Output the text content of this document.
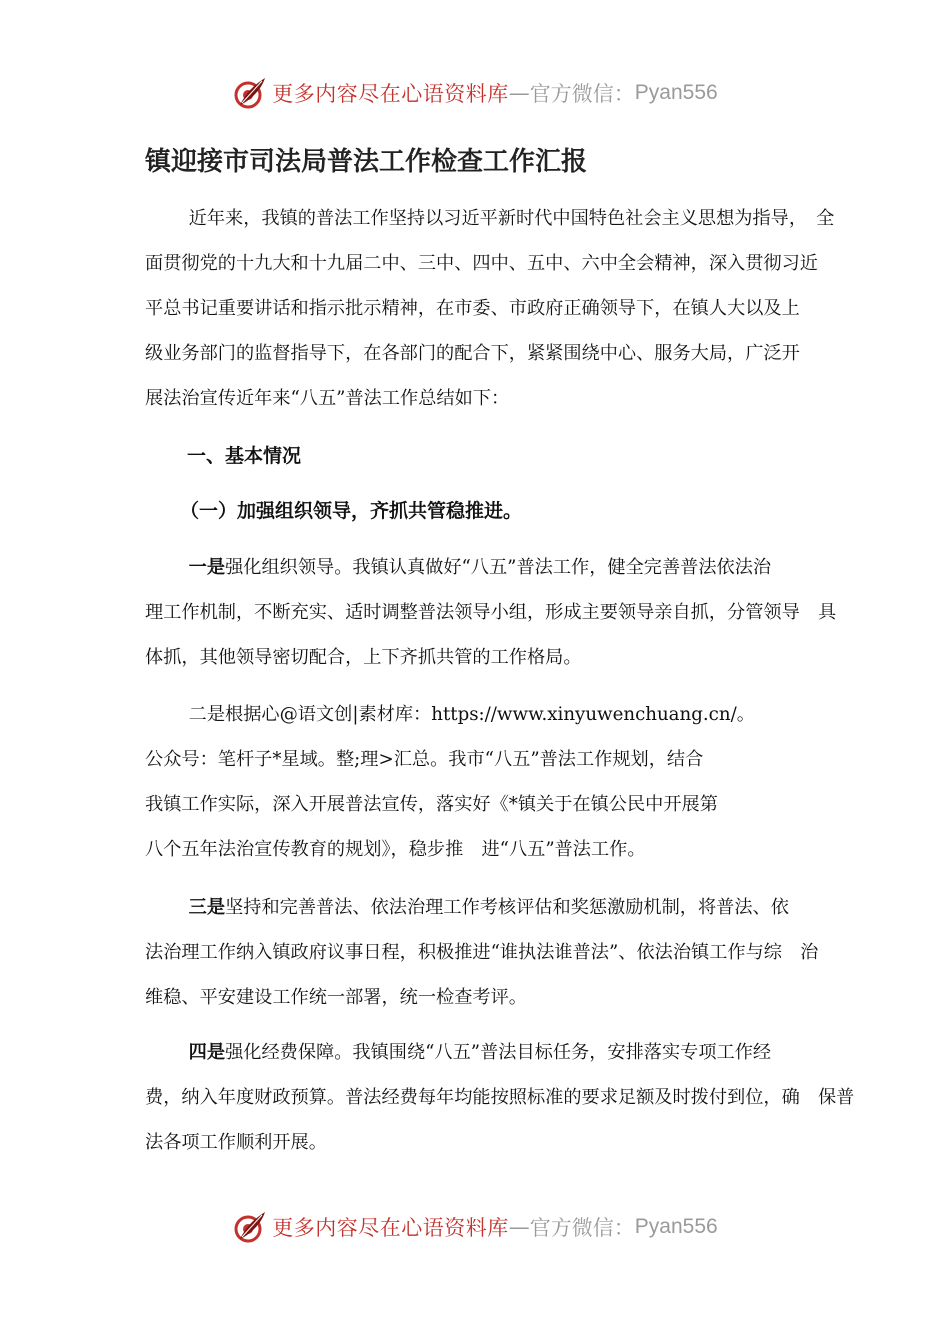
更多内容尽在心语资料库 — 官方微信： Pyan556
镇迎接市司法局普法工作检查工作汇报
近年来，我镇的普法工作坚持以习近平新时代中国特色社会主义思想为指导，　全
面贯彻党的十九大和十九届二中、三中、四中、五中、六中全会精神，深入贯彻习近
平总书记重要讲话和指示批示精神，在市委、市政府正确领导下，在镇人大以及上
级业务部门的监督指导下，在各部门的配合下，紧紧围绕中心、服务大局，广泛开
展法治宣传近年来“八五”普法工作总结如下：
一、基本情况
（一）加强组织领导，齐抓共管稳推进。
一是强化组织领导。我镇认真做好“八五”普法工作，健全完善普法依法治
理工作机制，不断充实、适时调整普法领导小组，形成主要领导亲自抓，分管领导　具
体抓，其他领导密切配合，上下齐抓共管的工作格局。
二是根据心@语文创|素材库：https://www.xinyuwenchuang.cn/。
公众号：笔杆子*星域。整;理>汇总。我市“八五”普法工作规划，结合
我镇工作实际，深入开展普法宣传，落实好《*镇关于在镇公民中开展第
八个五年法治宣传教育的规划》，稳步推　进“八五”普法工作。
三是坚持和完善普法、依法治理工作考核评估和奖惩激励机制，将普法、依
法治理工作纳入镇政府议事日程，积极推进“谁执法谁普法”、依法治镇工作与综　治
维稳、平安建设工作统一部署，统一检查考评。
四是强化经费保障。我镇围绕“八五”普法目标任务，安排落实专项工作经
费，纳入年度财政预算。普法经费每年均能按照标准的要求足额及时拨付到位，确　保普
法各项工作顺利开展。
更多内容尽在心语资料库 — 官方微信： Pyan556
